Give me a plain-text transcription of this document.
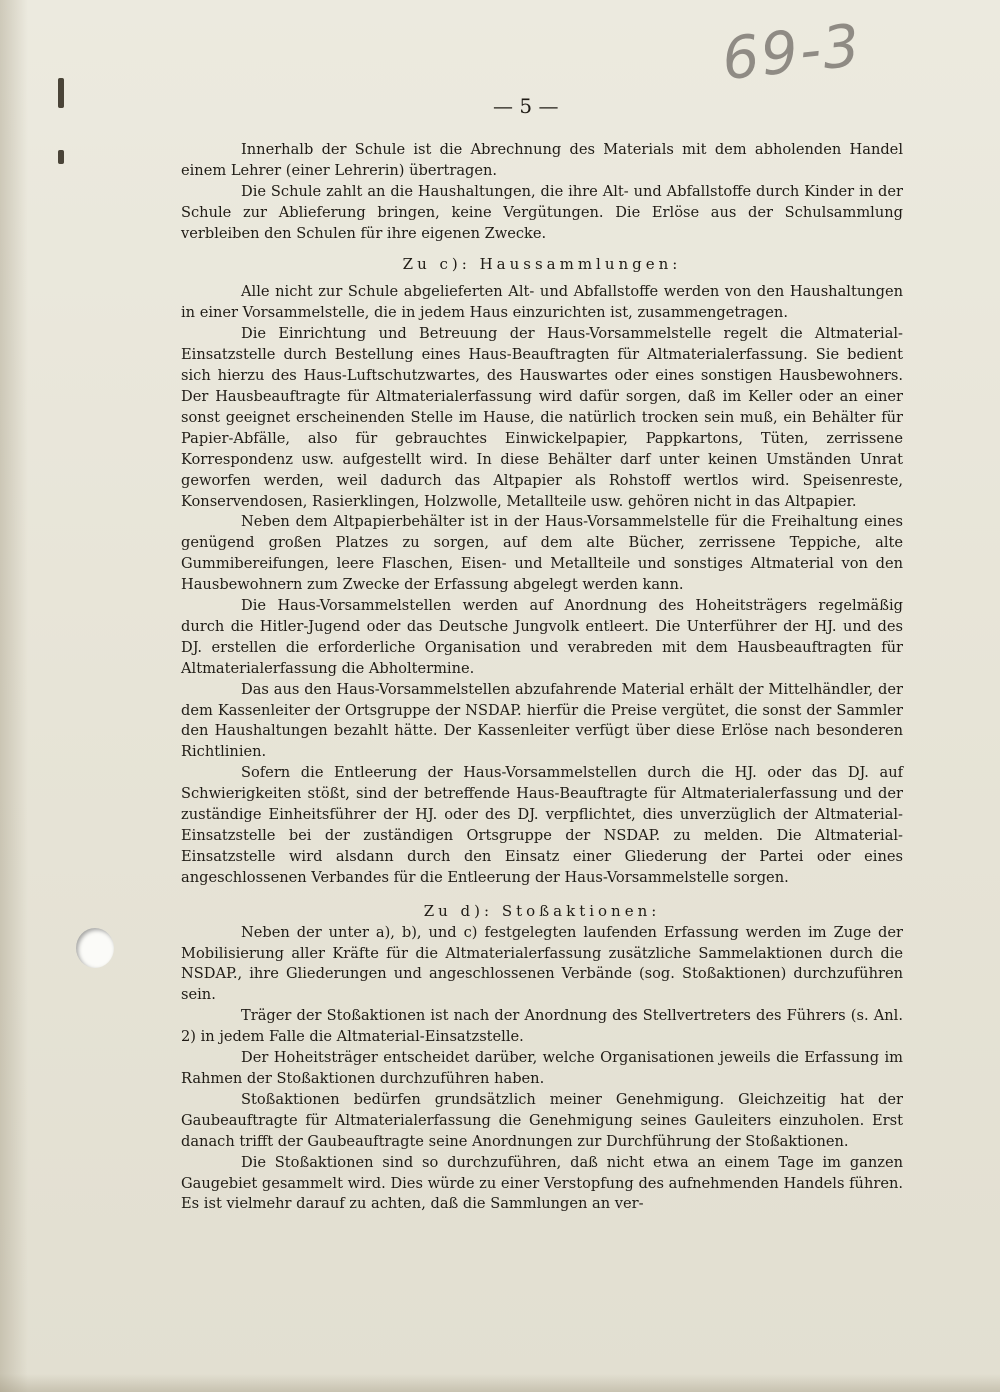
69-3
— 5 —

Innerhalb der Schule ist die Abrechnung des Materials mit dem abholenden Handel einem Lehrer (einer Lehrerin) übertragen.

Die Schule zahlt an die Haushaltungen, die ihre Alt- und Abfallstoffe durch Kinder in der Schule zur Ablieferung bringen, keine Vergütungen. Die Erlöse aus der Schulsammlung verbleiben den Schulen für ihre eigenen Zwecke.

Zu c): Haussammlungen:

Alle nicht zur Schule abgelieferten Alt- und Abfallstoffe werden von den Haushaltungen in einer Vorsammelstelle, die in jedem Haus einzurichten ist, zusammengetragen.

Die Einrichtung und Betreuung der Haus-Vorsammelstelle regelt die Altmaterial-Einsatzstelle durch Bestellung eines Haus-Beauftragten für Altmaterialerfassung. Sie bedient sich hierzu des Haus-Luftschutzwartes, des Hauswartes oder eines sonstigen Hausbewohners. Der Hausbeauftragte für Altmaterialerfassung wird dafür sorgen, daß im Keller oder an einer sonst geeignet erscheinenden Stelle im Hause, die natürlich trocken sein muß, ein Behälter für Papier-Abfälle, also für gebrauchtes Einwickelpapier, Pappkartons, Tüten, zerrissene Korrespondenz usw. aufgestellt wird. In diese Behälter darf unter keinen Umständen Unrat geworfen werden, weil dadurch das Altpapier als Rohstoff wertlos wird. Speisenreste, Konservendosen, Rasierklingen, Holzwolle, Metallteile usw. gehören nicht in das Altpapier.

Neben dem Altpapierbehälter ist in der Haus-Vorsammelstelle für die Freihaltung eines genügend großen Platzes zu sorgen, auf dem alte Bücher, zerrissene Teppiche, alte Gummibereifungen, leere Flaschen, Eisen- und Metallteile und sonstiges Altmaterial von den Hausbewohnern zum Zwecke der Erfassung abgelegt werden kann.

Die Haus-Vorsammelstellen werden auf Anordnung des Hoheitsträgers regelmäßig durch die Hitler-Jugend oder das Deutsche Jungvolk entleert. Die Unterführer der HJ. und des DJ. erstellen die erforderliche Organisation und verabreden mit dem Hausbeauftragten für Altmaterialerfassung die Abholtermine.

Das aus den Haus-Vorsammelstellen abzufahrende Material erhält der Mittelhändler, der dem Kassenleiter der Ortsgruppe der NSDAP. hierfür die Preise vergütet, die sonst der Sammler den Haushaltungen bezahlt hätte. Der Kassenleiter verfügt über diese Erlöse nach besonderen Richtlinien.

Sofern die Entleerung der Haus-Vorsammelstellen durch die HJ. oder das DJ. auf Schwierigkeiten stößt, sind der betreffende Haus-Beauftragte für Altmaterialerfassung und der zuständige Einheitsführer der HJ. oder des DJ. verpflichtet, dies unverzüglich der Altmaterial-Einsatzstelle bei der zuständigen Ortsgruppe der NSDAP. zu melden. Die Altmaterial-Einsatzstelle wird alsdann durch den Einsatz einer Gliederung der Partei oder eines angeschlossenen Verbandes für die Entleerung der Haus-Vorsammelstelle sorgen.

Zu d): Stoßaktionen:

Neben der unter a), b), und c) festgelegten laufenden Erfassung werden im Zuge der Mobilisierung aller Kräfte für die Altmaterialerfassung zusätzliche Sammelaktionen durch die NSDAP., ihre Gliederungen und angeschlossenen Verbände (sog. Stoßaktionen) durchzuführen sein.

Träger der Stoßaktionen ist nach der Anordnung des Stellvertreters des Führers (s. Anl. 2) in jedem Falle die Altmaterial-Einsatzstelle.

Der Hoheitsträger entscheidet darüber, welche Organisationen jeweils die Erfassung im Rahmen der Stoßaktionen durchzuführen haben.

Stoßaktionen bedürfen grundsätzlich meiner Genehmigung. Gleichzeitig hat der Gaubeauftragte für Altmaterialerfassung die Genehmigung seines Gauleiters einzuholen. Erst danach trifft der Gaubeauftragte seine Anordnungen zur Durchführung der Stoßaktionen.

Die Stoßaktionen sind so durchzuführen, daß nicht etwa an einem Tage im ganzen Gaugebiet gesammelt wird. Dies würde zu einer Verstopfung des aufnehmenden Handels führen. Es ist vielmehr darauf zu achten, daß die Sammlungen an ver-
